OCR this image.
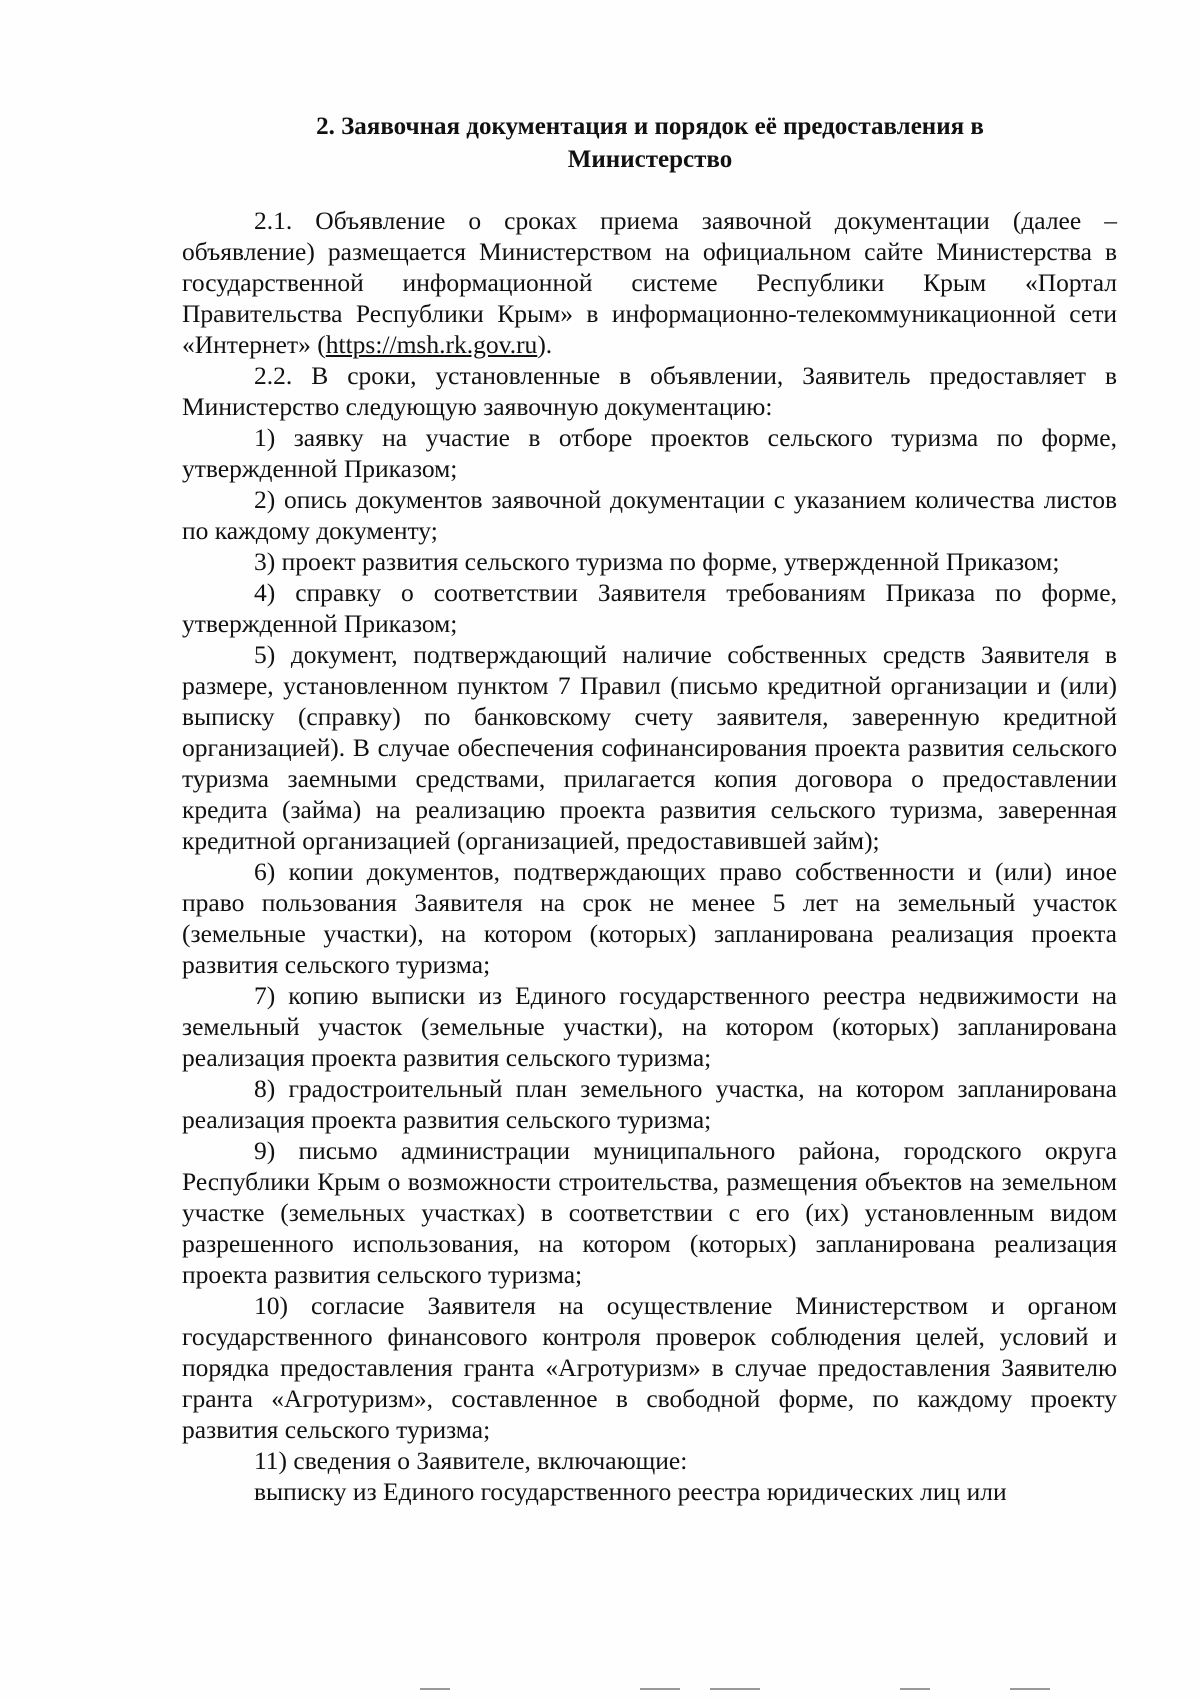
2. Заявочная документация и порядок её предоставления в
Министерство

2.1. Объявление о сроках приема заявочной документации (далее – объявление) размещается Министерством на официальном сайте Министерства в государственной информационной системе Республики Крым «Портал Правительства Республики Крым» в информационно-телекоммуникационной сети «Интернет» (https://msh.rk.gov.ru).

2.2. В сроки, установленные в объявлении, Заявитель предоставляет в Министерство следующую заявочную документацию:

1) заявку на участие в отборе проектов сельского туризма по форме, утвержденной Приказом;

2) опись документов заявочной документации с указанием количества листов по каждому документу;

3) проект развития сельского туризма по форме, утвержденной Приказом;

4) справку о соответствии Заявителя требованиям Приказа по форме, утвержденной Приказом;

5) документ, подтверждающий наличие собственных средств Заявителя в размере, установленном пунктом 7 Правил (письмо кредитной организации и (или) выписку (справку) по банковскому счету заявителя, заверенную кредитной организацией). В случае обеспечения софинансирования проекта развития сельского туризма заемными средствами, прилагается копия договора о предоставлении кредита (займа) на реализацию проекта развития сельского туризма, заверенная кредитной организацией (организацией, предоставившей займ);

6) копии документов, подтверждающих право собственности и (или) иное право пользования Заявителя на срок не менее 5 лет на земельный участок (земельные участки), на котором (которых) запланирована реализация проекта развития сельского туризма;

7) копию выписки из Единого государственного реестра недвижимости на земельный участок (земельные участки), на котором (которых) запланирована реализация проекта развития сельского туризма;

8) градостроительный план земельного участка, на котором запланирована реализация проекта развития сельского туризма;

9) письмо администрации муниципального района, городского округа Республики Крым о возможности строительства, размещения объектов на земельном участке (земельных участках) в соответствии с его (их) установленным видом разрешенного использования, на котором (которых) запланирована реализация проекта развития сельского туризма;

10) согласие Заявителя на осуществление Министерством и органом государственного финансового контроля проверок соблюдения целей, условий и порядка предоставления гранта «Агротуризм» в случае предоставления Заявителю гранта «Агротуризм», составленное в свободной форме, по каждому проекту развития сельского туризма;

11) сведения о Заявителе, включающие:

выписку из Единого государственного реестра юридических лиц или
